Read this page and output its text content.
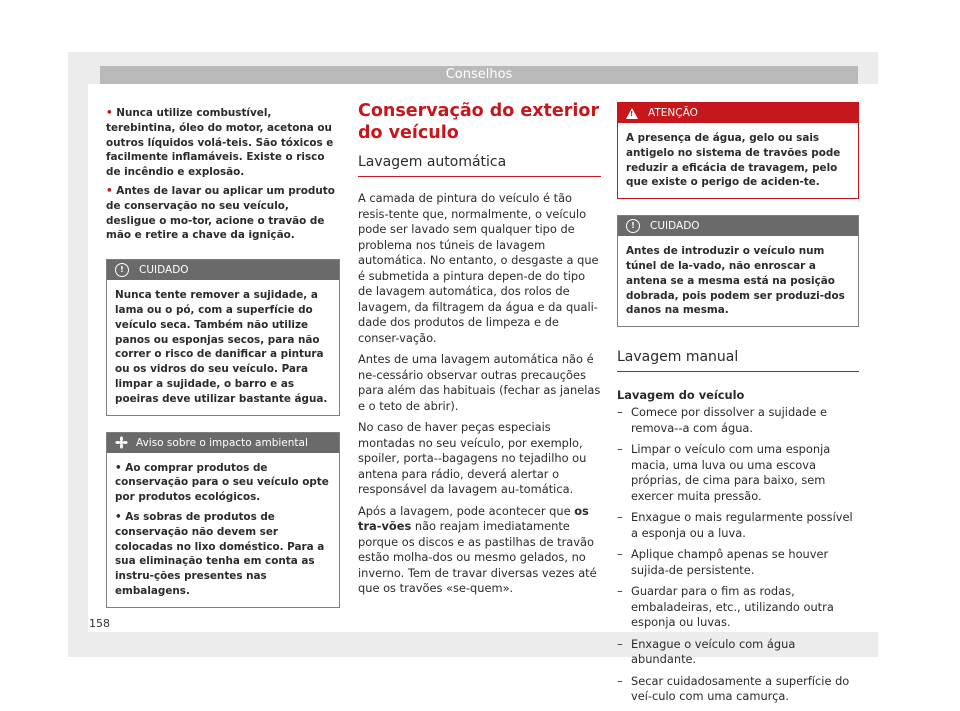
Conselhos

• Nunca utilize combustível, terebintina, óleo do motor, acetona ou outros líquidos volá-teis. São tóxicos e facilmente inflamáveis. Existe o risco de incêndio e explosão.

• Antes de lavar ou aplicar um produto de conservação no seu veículo, desligue o mo-tor, acione o travão de mão e retire a chave da ignição.

!	CUIDADO
Nunca tente remover a sujidade, a lama ou o pó, com a superfície do veículo seca. Também não utilize panos ou esponjas secos, para não correr o risco de danificar a pintura ou os vidros do seu veículo. Para limpar a sujidade, o barro e as poeiras deve utilizar bastante água.
Aviso sobre o impacto ambiental

• Ao comprar produtos de conservação para o seu veículo opte por produtos ecológicos.

• As sobras de produtos de conservação não devem ser colocadas no lixo doméstico. Para a sua eliminação tenha em conta as instru-ções presentes nas embalagens.

Conservação do exterior do veículo
Lavagem automática

A camada de pintura do veículo é tão resis-tente que, normalmente, o veículo pode ser lavado sem qualquer tipo de problema nos túneis de lavagem automática. No entanto, o desgaste a que é submetida a pintura depen-de do tipo de lavagem automática, dos rolos de lavagem, da filtragem da água e da quali-dade dos produtos de limpeza e de conser-vação.

Antes de uma lavagem automática não é ne-cessário observar outras precauções para além das habituais (fechar as janelas e o teto de abrir).

No caso de haver peças especiais montadas no seu veículo, por exemplo, spoiler, porta--bagagens no tejadilho ou antena para rádio, deverá alertar o responsável da lavagem au-tomática.

Após a lavagem, pode acontecer que os tra-vões não reajam imediatamente porque os discos e as pastilhas de travão estão molha-dos ou mesmo gelados, no inverno. Tem de travar diversas vezes até que os travões «se-quem».

! ATENÇÃO
A presença de água, gelo ou sais antigelo no sistema de travões pode reduzir a eficácia de travagem, pelo que existe o perigo de aciden-te.
!	CUIDADO
Antes de introduzir o veículo num túnel de la-vado, não enroscar a antena se a mesma está na posição dobrada, pois podem ser produzi-dos danos na mesma.
Lavagem manual
Lavagem do veículo
– Comece por dissolver a sujidade e remova--a com água.
– Limpar o veículo com uma esponja macia, uma luva ou uma escova próprias, de cima para baixo, sem exercer muita pressão.
– Enxague o mais regularmente possível a esponja ou a luva.
– Aplique champô apenas se houver sujida-de persistente.
– Guardar para o fim as rodas, embaladeiras, etc., utilizando outra esponja ou luvas.
– Enxague o veículo com água abundante.
– Secar cuidadosamente a superfície do veí-culo com uma camurça.
158
